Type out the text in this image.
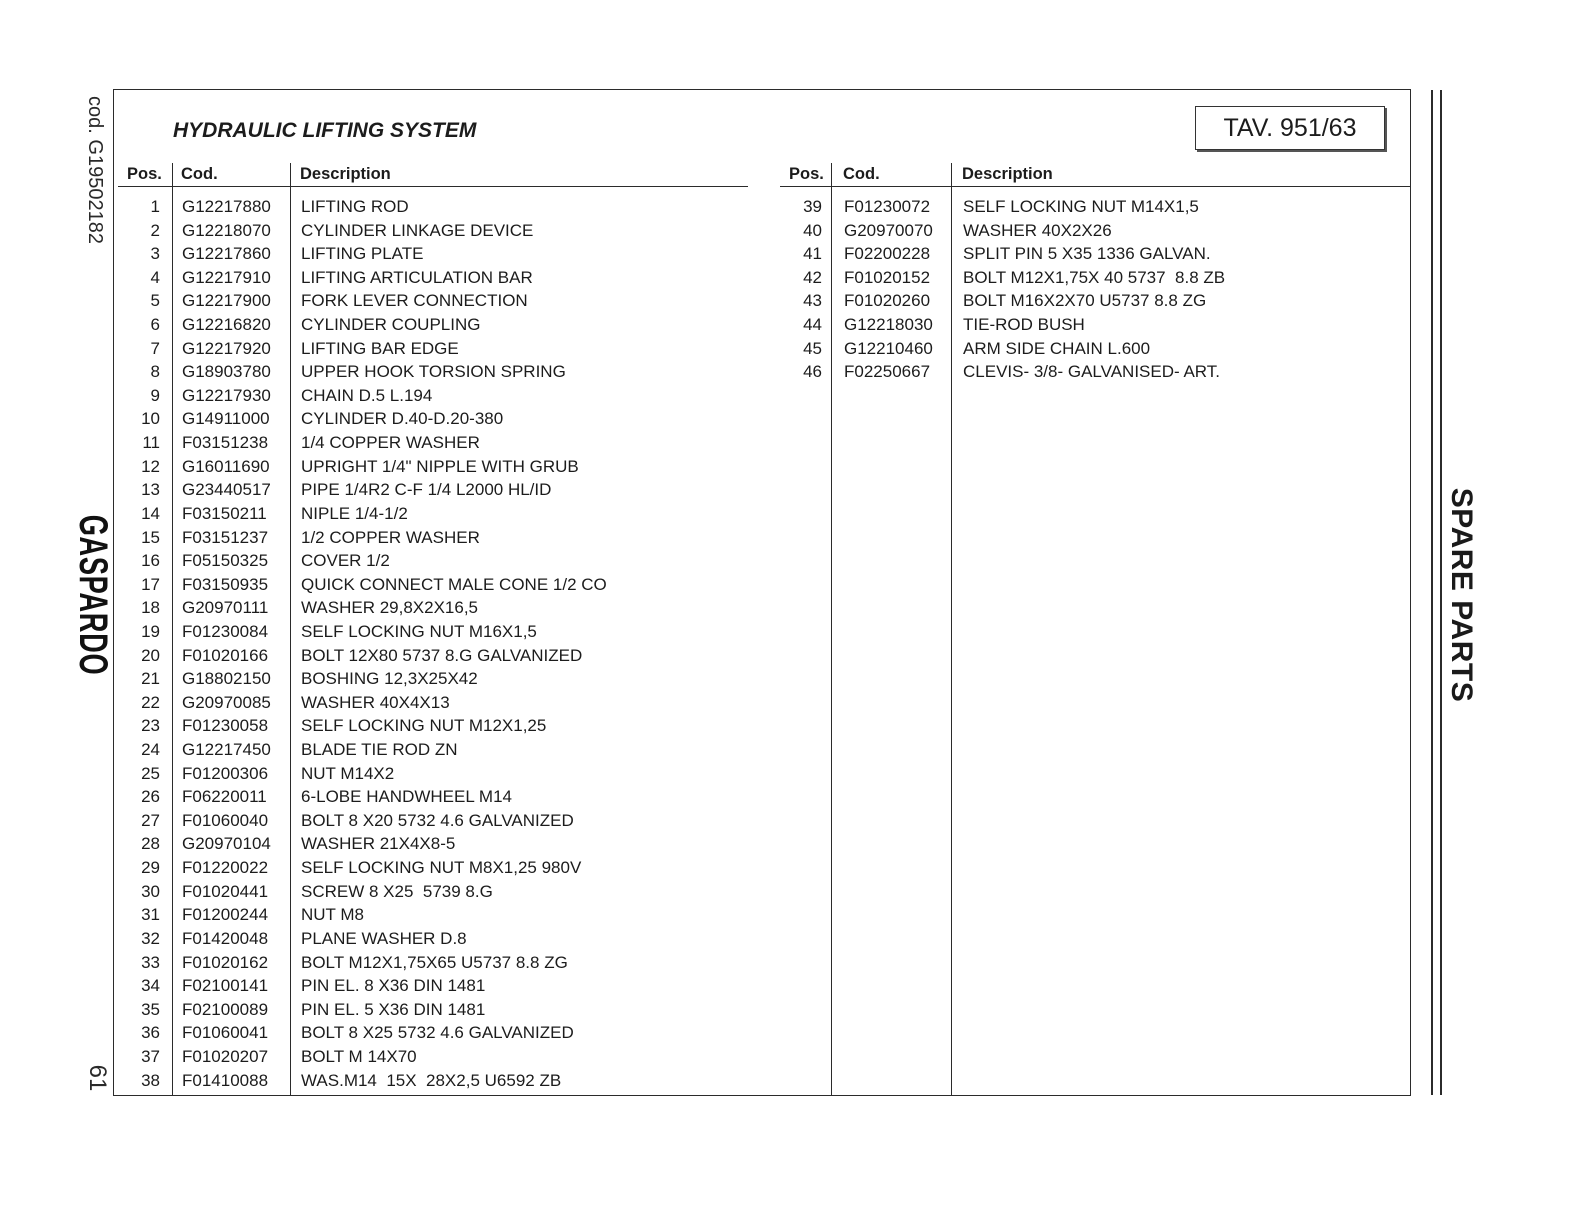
cod. G19502182
GASPARDO
61
SPARE PARTS
HYDRAULIC LIFTING SYSTEM	TAV. 951/63
Pos. Cod.	Description	Pos. Cod.	Description
1 G12217880 LIFTING ROD
2 G12218070 CYLINDER LINKAGE DEVICE
3 G12217860 LIFTING PLATE
4 G12217910 LIFTING ARTICULATION BAR
5 G12217900 FORK LEVER CONNECTION
6 G12216820 CYLINDER COUPLING
7 G12217920 LIFTING BAR EDGE
8 G18903780 UPPER HOOK TORSION SPRING
9 G12217930 CHAIN D.5 L.194
10 G14911000 CYLINDER D.40-D.20-380
11 F03151238 1/4 COPPER WASHER
12 G16011690 UPRIGHT 1/4" NIPPLE WITH GRUB
13 G23440517 PIPE 1/4R2 C-F 1/4 L2000 HL/ID
14 F03150211 NIPLE 1/4-1/2
15 F03151237 1/2 COPPER WASHER
16 F05150325 COVER 1/2
17 F03150935 QUICK CONNECT MALE CONE 1/2 CO
18 G20970111 WASHER 29,8X2X16,5
19 F01230084 SELF LOCKING NUT M16X1,5
20 F01020166 BOLT 12X80 5737 8.G GALVANIZED
21 G18802150 BOSHING 12,3X25X42
22 G20970085 WASHER 40X4X13
23 F01230058 SELF LOCKING NUT M12X1,25
24 G12217450 BLADE TIE ROD ZN
25 F01200306 NUT M14X2
26 F06220011 6-LOBE HANDWHEEL M14
27 F01060040 BOLT 8 X20 5732 4.6 GALVANIZED
28 G20970104 WASHER 21X4X8-5
29 F01220022 SELF LOCKING NUT M8X1,25 980V
30 F01020441 SCREW 8 X25  5739 8.G
31 F01200244 NUT M8
32 F01420048 PLANE WASHER D.8
33 F01020162 BOLT M12X1,75X65 U5737 8.8 ZG
34 F02100141 PIN EL. 8 X36 DIN 1481
35 F02100089 PIN EL. 5 X36 DIN 1481
36 F01060041 BOLT 8 X25 5732 4.6 GALVANIZED
37 F01020207 BOLT M 14X70
38 F01410088 WAS.M14  15X  28X2,5 U6592 ZB
39 F01230072 SELF LOCKING NUT M14X1,5
40 G20970070 WASHER 40X2X26
41 F02200228 SPLIT PIN 5 X35 1336 GALVAN.
42 F01020152 BOLT M12X1,75X 40 5737  8.8 ZB
43 F01020260 BOLT M16X2X70 U5737 8.8 ZG
44 G12218030 TIE-ROD BUSH
45 G12210460 ARM SIDE CHAIN L.600
46 F02250667 CLEVIS- 3/8- GALVANISED- ART.
